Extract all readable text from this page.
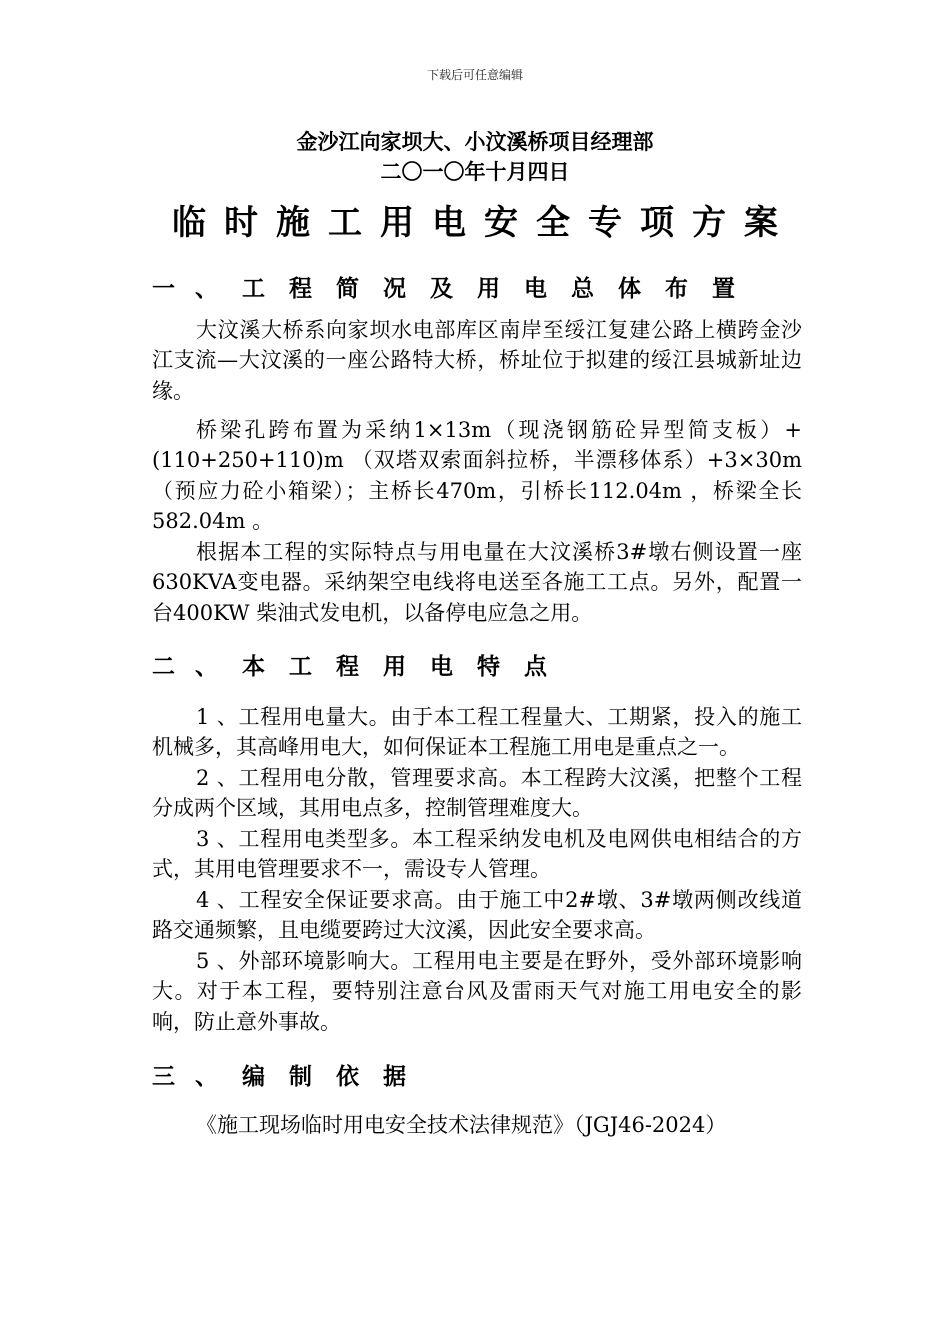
下载后可任意编辑
金沙江向家坝大、小汶溪桥项目经理部
二〇一〇年十月四日
临时施工用电安全专项方案
一、 工程简况及用电总体布置

大汶溪大桥系向家坝水电部库区南岸至绥江复建公路上横跨金沙江支流—大汶溪的一座公路特大桥，桥址位于拟建的绥江县城新址边缘。

桥梁孔跨布置为采纳1×13m（现浇钢筋砼异型简支板）+(110+250+110)m （双塔双索面斜拉桥，半漂移体系）+3×30m（预应力砼小箱梁）；主桥长470m，引桥长112.04m ，桥梁全长582.04m 。

根据本工程的实际特点与用电量在大汶溪桥3#墩右侧设置一座630KVA变电器。采纳架空电线将电送至各施工工点。另外，配置一台400KW 柴油式发电机，以备停电应急之用。

二、 本工程用电特点

1 、工程用电量大。由于本工程工程量大、工期紧，投入的施工机械多，其高峰用电大，如何保证本工程施工用电是重点之一。

2 、工程用电分散，管理要求高。本工程跨大汶溪，把整个工程分成两个区域，其用电点多，控制管理难度大。

3 、工程用电类型多。本工程采纳发电机及电网供电相结合的方式，其用电管理要求不一，需设专人管理。

4 、工程安全保证要求高。由于施工中2#墩、3#墩两侧改线道路交通频繁，且电缆要跨过大汶溪，因此安全要求高。

5 、外部环境影响大。工程用电主要是在野外，受外部环境影响大。对于本工程，要特别注意台风及雷雨天气对施工用电安全的影响，防止意外事故。

三、 编制依据

《施工现场临时用电安全技术法律规范》（JGJ46-2024）
